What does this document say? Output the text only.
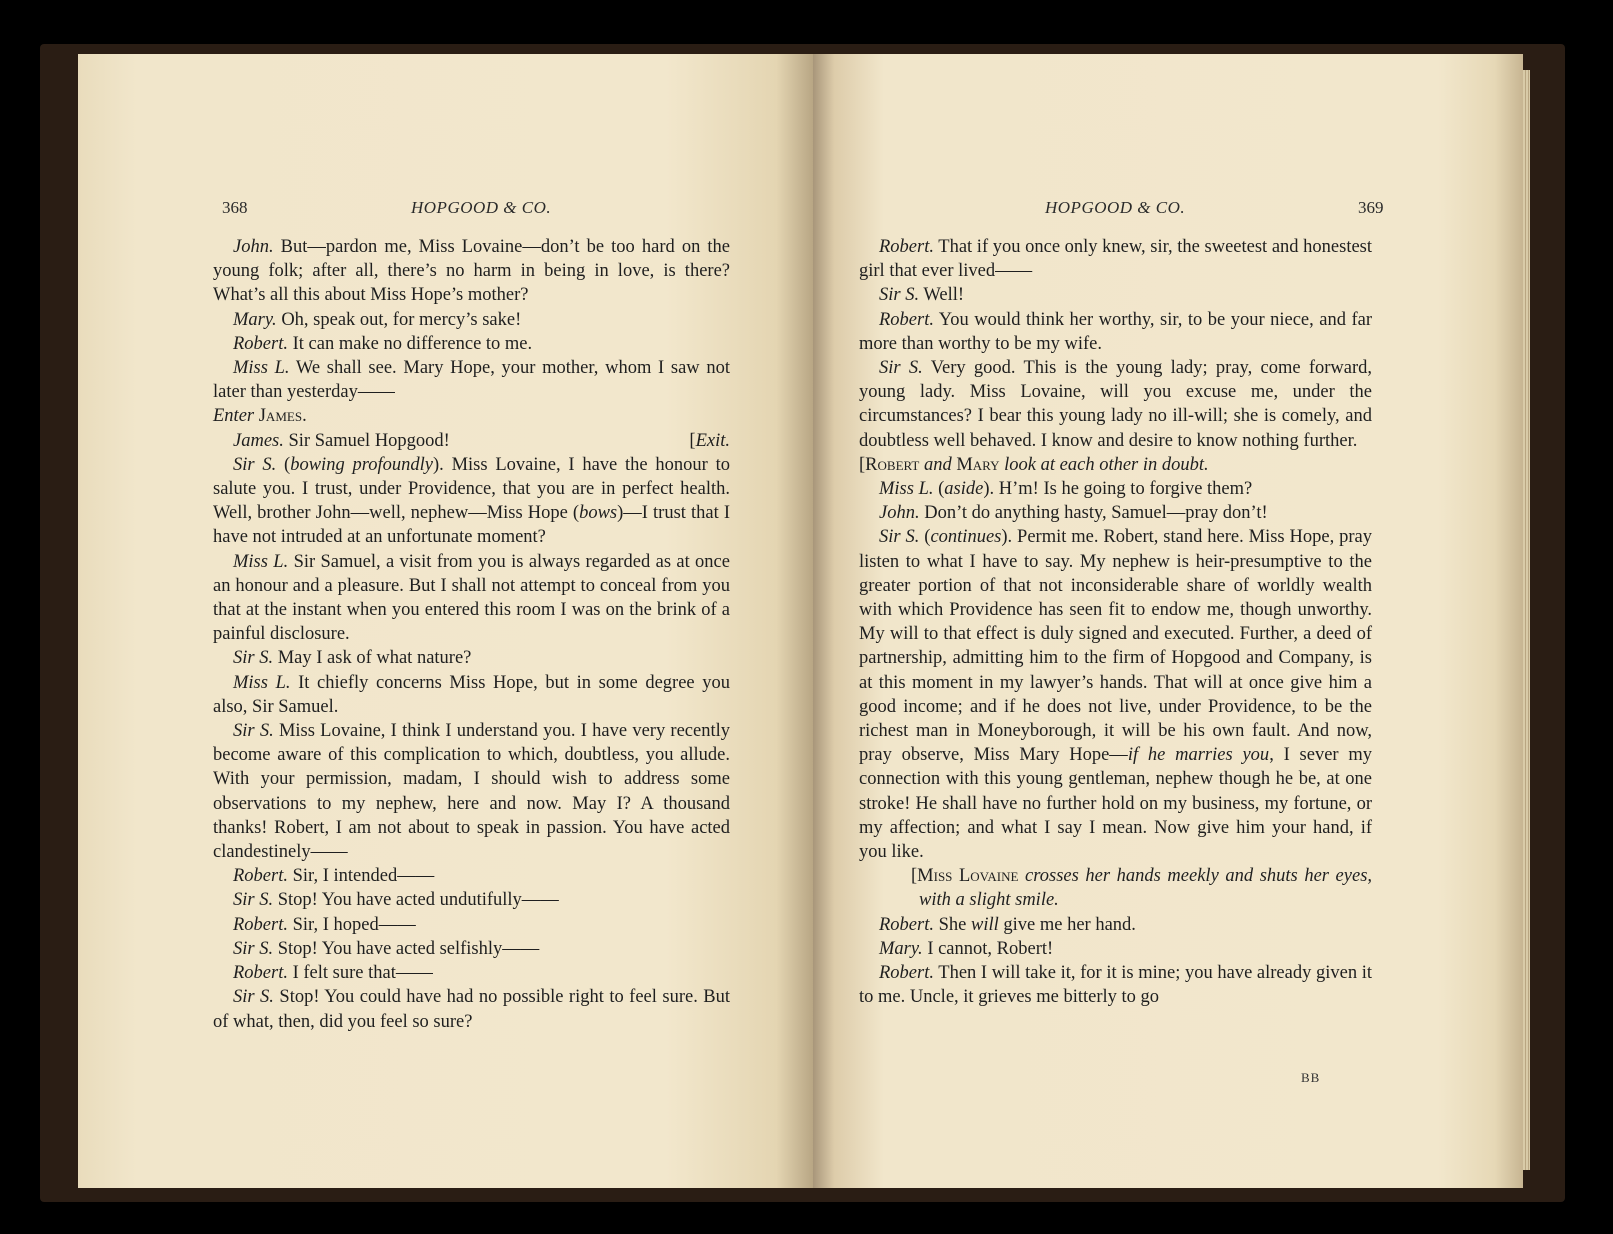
368	HOPGOOD & CO.

John. But—pardon me, Miss Lovaine—don’t be too hard on the young folk; after all, there’s no harm in being in love, is there? What’s all this about Miss Hope’s mother?

Mary. Oh, speak out, for mercy’s sake!

Robert. It can make no difference to me.

Miss L. We shall see. Mary Hope, your mother, whom I saw not later than yesterday——

Enter James.

James. Sir Samuel Hopgood!	[Exit.

Sir S. (bowing profoundly). Miss Lovaine, I have the honour to salute you. I trust, under Providence, that you are in perfect health. Well, brother John—well, nephew—Miss Hope (bows)—I trust that I have not intruded at an unfortunate moment?

Miss L. Sir Samuel, a visit from you is always regarded as at once an honour and a pleasure. But I shall not attempt to conceal from you that at the instant when you entered this room I was on the brink of a painful disclosure.

Sir S. May I ask of what nature?

Miss L. It chiefly concerns Miss Hope, but in some degree you also, Sir Samuel.

Sir S. Miss Lovaine, I think I understand you. I have very recently become aware of this complication to which, doubtless, you allude. With your permission, madam, I should wish to address some observations to my nephew, here and now. May I? A thousand thanks! Robert, I am not about to speak in passion. You have acted clandestinely——

Robert. Sir, I intended——

Sir S. Stop! You have acted undutifully——

Robert. Sir, I hoped——

Sir S. Stop! You have acted selfishly——

Robert. I felt sure that——

Sir S. Stop! You could have had no possible right to feel sure. But of what, then, did you feel so sure?

HOPGOOD & CO.	369

Robert. That if you once only knew, sir, the sweetest and honestest girl that ever lived——

Sir S. Well!

Robert. You would think her worthy, sir, to be your niece, and far more than worthy to be my wife.

Sir S. Very good. This is the young lady; pray, come forward, young lady. Miss Lovaine, will you excuse me, under the circumstances? I bear this young lady no ill-will; she is comely, and doubtless well behaved. I know and desire to know nothing further.

[Robert and Mary look at each other in doubt.

Miss L. (aside). H’m! Is he going to forgive them?

John. Don’t do anything hasty, Samuel—pray don’t!

Sir S. (continues). Permit me. Robert, stand here. Miss Hope, pray listen to what I have to say. My nephew is heir-presumptive to the greater portion of that not inconsiderable share of worldly wealth with which Providence has seen fit to endow me, though unworthy. My will to that effect is duly signed and executed. Further, a deed of partnership, admitting him to the firm of Hopgood and Company, is at this moment in my lawyer’s hands. That will at once give him a good income; and if he does not live, under Providence, to be the richest man in Moneyborough, it will be his own fault. And now, pray observe, Miss Mary Hope—if he marries you, I sever my connection with this young gentleman, nephew though he be, at one stroke! He shall have no further hold on my business, my fortune, or my affection; and what I say I mean. Now give him your hand, if you like.

[Miss Lovaine crosses her hands meekly and shuts her eyes, with a slight smile.

Robert. She will give me her hand.

Mary. I cannot, Robert!

Robert. Then I will take it, for it is mine; you have already given it to me. Uncle, it grieves me bitterly to go

BB
